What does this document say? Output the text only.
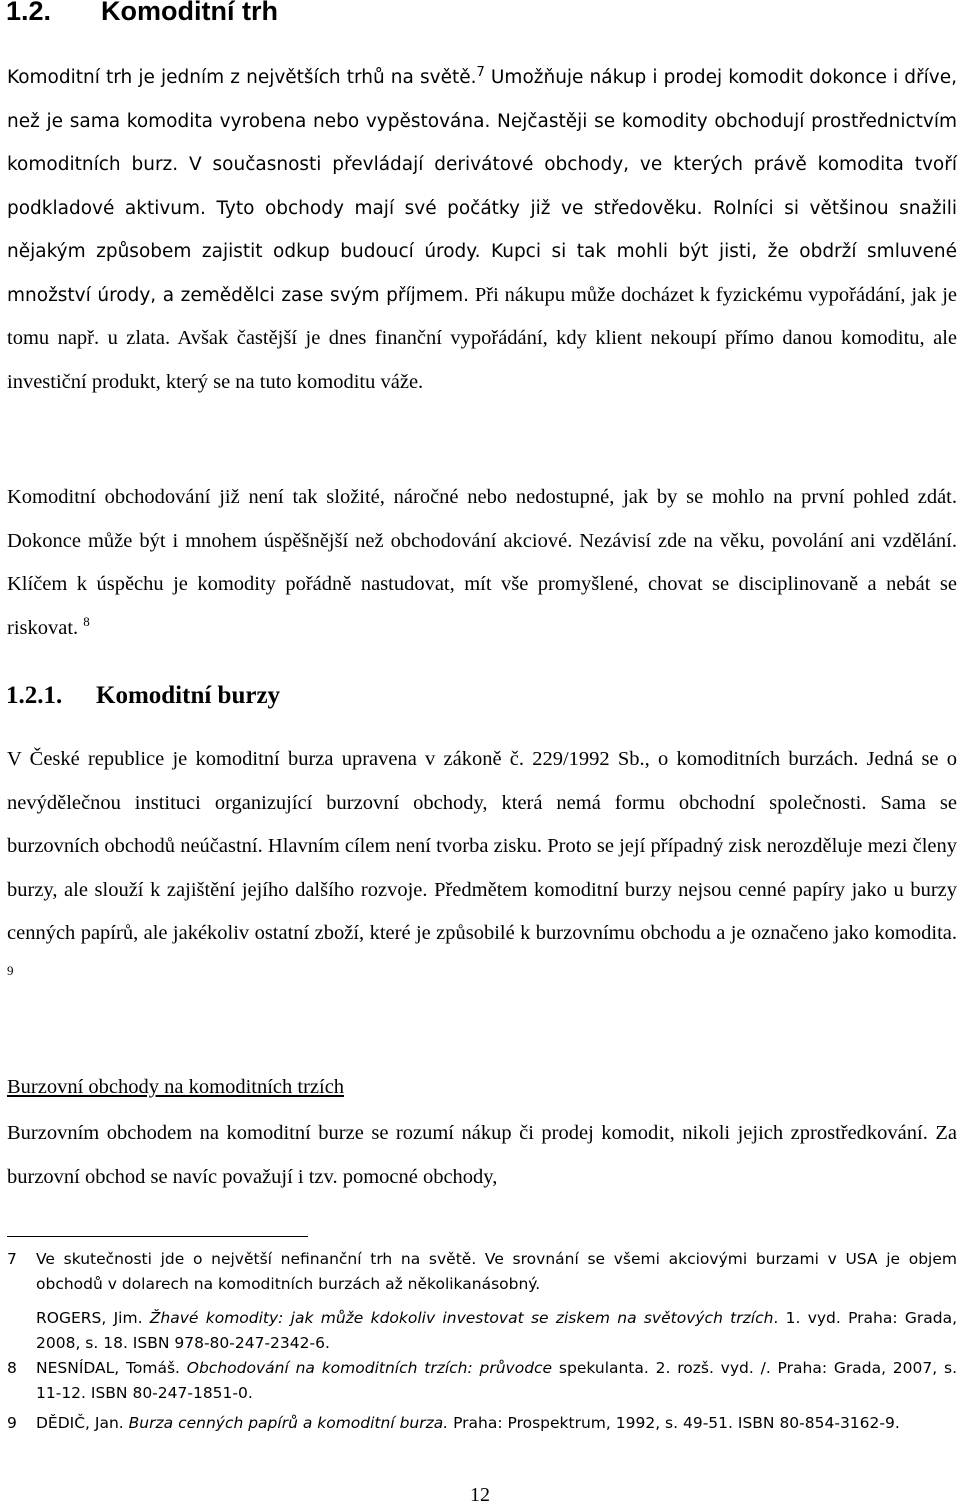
1.2. Komoditní trh

Komoditní trh je jedním z největších trhů na světě.$^7$ Umožňuje nákup i prodej komodit dokonce i dříve, než je sama komodita vyrobena nebo vypěstována. Nejčastěji se komodity obchodují prostřednictvím komoditních burz. V současnosti převládají derivátové obchody, ve kterých právě komodita tvoří podkladové aktivum. Tyto obchody mají své počátky již ve středověku. Rolníci si většinou snažili nějakým způsobem zajistit odkup budoucí úrody. Kupci si tak mohli být jisti, že obdrží smluvené množství úrody, a zemědělci zase svým příjmem. Při nákupu může docházet k fyzickému vypořádání, jak je tomu např. u zlata. Avšak častější je dnes finanční vypořádání, kdy klient nekoupí přímo danou komoditu, ale investiční produkt, který se na tuto komoditu váže.

Komoditní obchodování již není tak složité, náročné nebo nedostupné, jak by se mohlo na první pohled zdát. Dokonce může být i mnohem úspěšnější než obchodování akciové. Nezávisí zde na věku, povolání ani vzdělání. Klíčem k úspěchu je komodity pořádně nastudovat, mít vše promyšlené, chovat se disciplinovaně a nebát se riskovat. $^8$

1.2.1. Komoditní burzy

V České republice je komoditní burza upravena v zákoně č. 229/1992 Sb., o komoditních burzách. Jedná se o nevýdělečnou instituci organizující burzovní obchody, která nemá formu obchodní společnosti. Sama se burzovních obchodů neúčastní. Hlavním cílem není tvorba zisku. Proto se její případný zisk nerozděluje mezi členy burzy, ale slouží k zajištění jejího dalšího rozvoje. Předmětem komoditní burzy nejsou cenné papíry jako u burzy cenných papírů, ale jakékoliv ostatní zboží, které je způsobilé k burzovnímu obchodu a je označeno jako komodita. $^9$

Burzovní obchody na komoditních trzích

Burzovním obchodem na komoditní burze se rozumí nákup či prodej komodit, nikoli jejich zprostředkování. Za burzovní obchod se navíc považují i tzv. pomocné obchody,

7 Ve skutečnosti jde o největší nefinanční trh na světě. Ve srovnání se všemi akciovými burzami v USA je objem obchodů v dolarech na komoditních burzách až několikanásobný.
ROGERS, Jim. Žhavé komodity: jak může kdokoliv investovat se ziskem na světových trzích. 1. vyd. Praha: Grada, 2008, s. 18. ISBN 978-80-247-2342-6.
8 NESNÍDAL, Tomáš. Obchodování na komoditních trzích: průvodce spekulanta. 2. rozš. vyd. /. Praha: Grada, 2007, s. 11-12. ISBN 80-247-1851-0.
9 DĚDIČ, Jan. Burza cenných papírů a komoditní burza. Praha: Prospektrum, 1992, s. 49-51. ISBN 80-854-3162-9.
12
